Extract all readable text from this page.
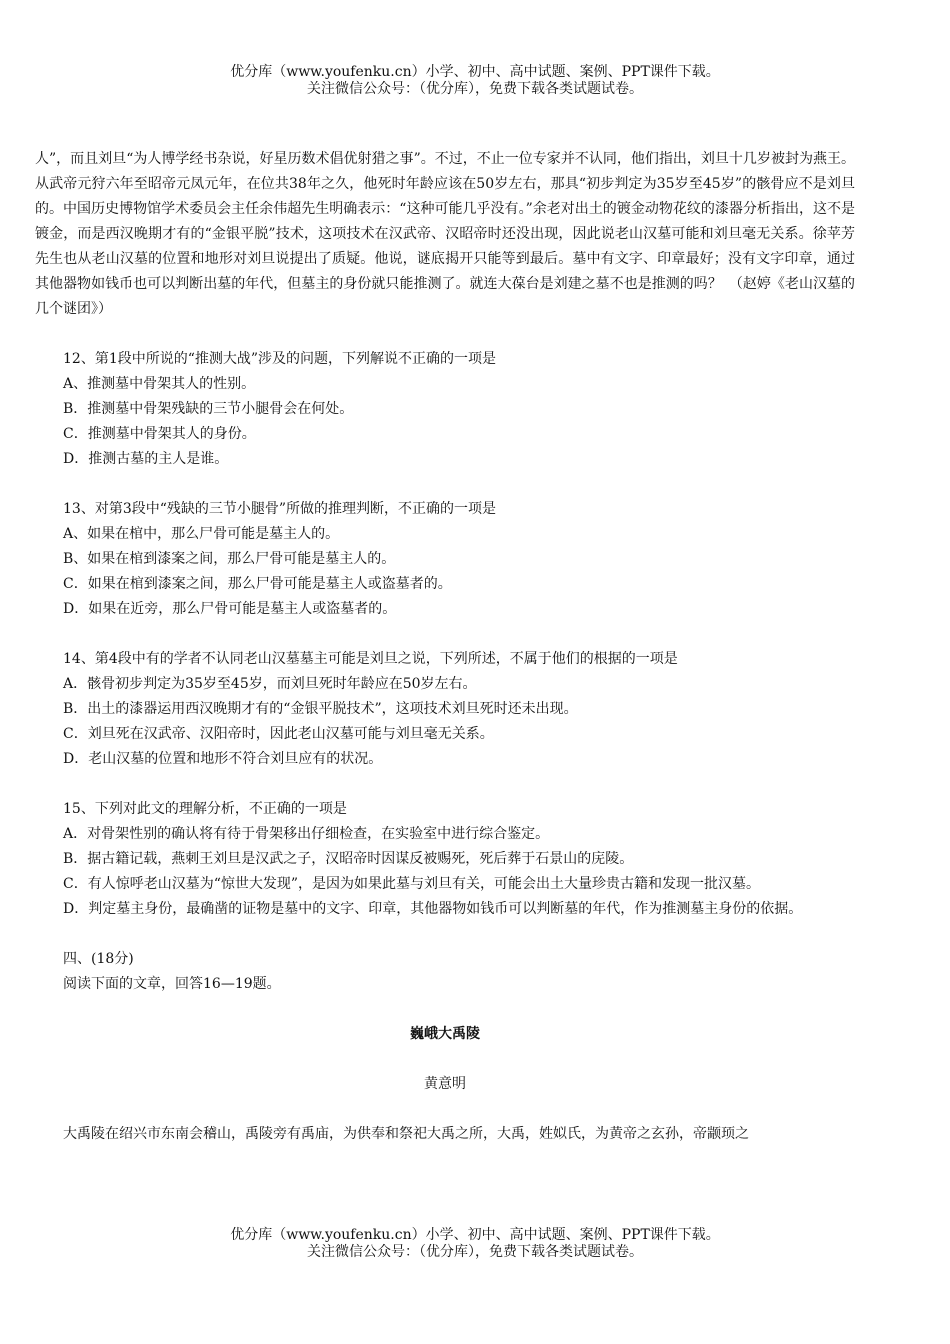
优分库（www.youfenku.cn）小学、初中、高中试题、案例、PPT课件下载。
关注微信公众号：（优分库），免费下载各类试题试卷。

人”，而且刘旦“为人博学经书杂说，好星历数术倡优射猎之事”。不过，不止一位专家并不认同，他们指出，刘旦十几岁被封为燕王。从武帝元狩六年至昭帝元凤元年，在位共38年之久，他死时年龄应该在50岁左右，那具“初步判定为35岁至45岁”的骸骨应不是刘旦的。中国历史博物馆学术委员会主任余伟超先生明确表示：“这种可能几乎没有。”余老对出土的镀金动物花纹的漆器分析指出，这不是镀金，而是西汉晚期才有的“金银平脱”技术，这项技术在汉武帝、汉昭帝时还没出现，因此说老山汉墓可能和刘旦毫无关系。徐苹芳先生也从老山汉墓的位置和地形对刘旦说提出了质疑。他说，谜底揭开只能等到最后。墓中有文字、印章最好；没有文字印章，通过其他器物如钱币也可以判断出墓的年代，但墓主的身份就只能推测了。就连大葆台是刘建之墓不也是推测的吗？　（赵婷《老山汉墓的几个谜团》）

12、第1段中所说的“推测大战”涉及的问题，下列解说不正确的一项是

A、推测墓中骨架其人的性别。

B．推测墓中骨架残缺的三节小腿骨会在何处。

C．推测墓中骨架其人的身份。

D．推测古墓的主人是谁。

13、对第3段中“残缺的三节小腿骨”所做的推理判断，不正确的一项是

A、如果在棺中，那么尸骨可能是墓主人的。

B、如果在棺到漆案之间，那么尸骨可能是墓主人的。

C．如果在棺到漆案之间，那么尸骨可能是墓主人或盗墓者的。

D．如果在近旁，那么尸骨可能是墓主人或盗墓者的。

14、第4段中有的学者不认同老山汉墓墓主可能是刘旦之说，下列所述，不属于他们的根据的一项是

A．骸骨初步判定为35岁至45岁，而刘旦死时年龄应在50岁左右。

B．出土的漆器运用西汉晚期才有的“金银平脱技术”，这项技术刘旦死时还未出现。

C．刘旦死在汉武帝、汉阳帝时，因此老山汉墓可能与刘旦毫无关系。

D．老山汉墓的位置和地形不符合刘旦应有的状况。

15、下列对此文的理解分析，不正确的一项是

A．对骨架性别的确认将有待于骨架移出仔细检查，在实验室中进行综合鉴定。

B．据古籍记载，燕刺王刘旦是汉武之子，汉昭帝时因谋反被赐死，死后葬于石景山的庑陵。

C．有人惊呼老山汉墓为“惊世大发现”，是因为如果此墓与刘旦有关，可能会出土大量珍贵古籍和发现一批汉墓。

D．判定墓主身份，最确凿的证物是墓中的文字、印章，其他器物如钱币可以判断墓的年代，作为推测墓主身份的依据。

四、(18分)

阅读下面的文章，回答16—19题。

巍峨大禹陵

黄意明

大禹陵在绍兴市东南会稽山，禹陵旁有禹庙，为供奉和祭祀大禹之所，大禹，姓姒氏，为黄帝之玄孙，帝颛顼之

优分库（www.youfenku.cn）小学、初中、高中试题、案例、PPT课件下载。
关注微信公众号：（优分库），免费下载各类试题试卷。
